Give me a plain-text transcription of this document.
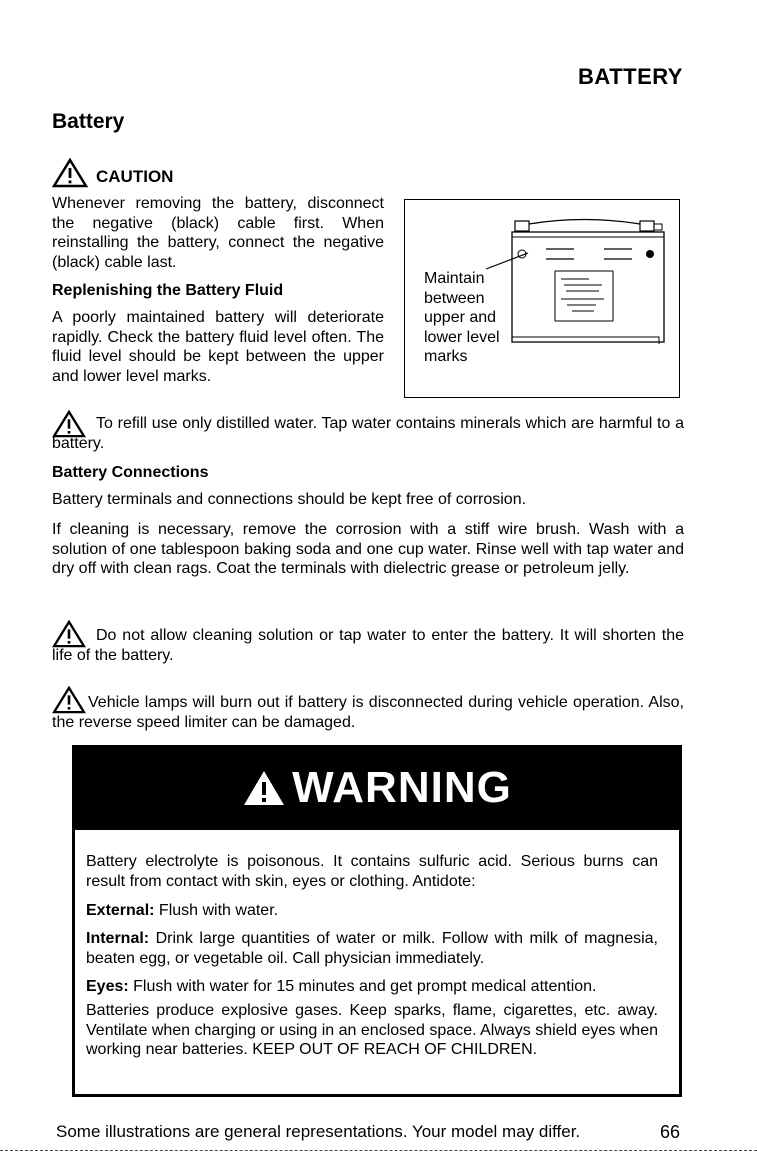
BATTERY
Battery
CAUTION
Whenever removing the battery, disconnect the negative (black) cable first. When reinstalling the battery, connect the negative (black) cable last.
Replenishing the Battery Fluid
A poorly maintained battery will deteriorate rapidly. Check the battery fluid level often. The fluid level should be kept between the upper and lower level marks.
Maintain
between
upper and
lower level
marks
To refill use only distilled water. Tap water contains minerals which are harmful to a battery.
Battery Connections
Battery terminals and connections should be kept free of corrosion.
If cleaning is necessary, remove the corrosion with a stiff wire brush. Wash with a solution of one tablespoon baking soda and one cup water. Rinse well with tap water and dry off with clean rags. Coat the terminals with dielectric grease or petroleum jelly.
Do not allow cleaning solution or tap water to enter the battery. It will shorten the life of the battery.
Vehicle lamps will burn out if battery is disconnected during vehicle operation. Also, the reverse speed limiter can be damaged.
WARNING
Battery electrolyte is poisonous. It contains sulfuric acid. Serious burns can result from contact with skin, eyes or clothing. Antidote:
External: Flush with water.
Internal: Drink large quantities of water or milk. Follow with milk of magnesia, beaten egg, or vegetable oil. Call physician immediately.
Eyes: Flush with water for 15 minutes and get prompt medical attention.
Batteries produce explosive gases. Keep sparks, flame, cigarettes, etc. away. Ventilate when charging or using in an enclosed space. Always shield eyes when working near batteries. KEEP OUT OF REACH OF CHILDREN.
Some illustrations are general representations. Your model may differ.	66
